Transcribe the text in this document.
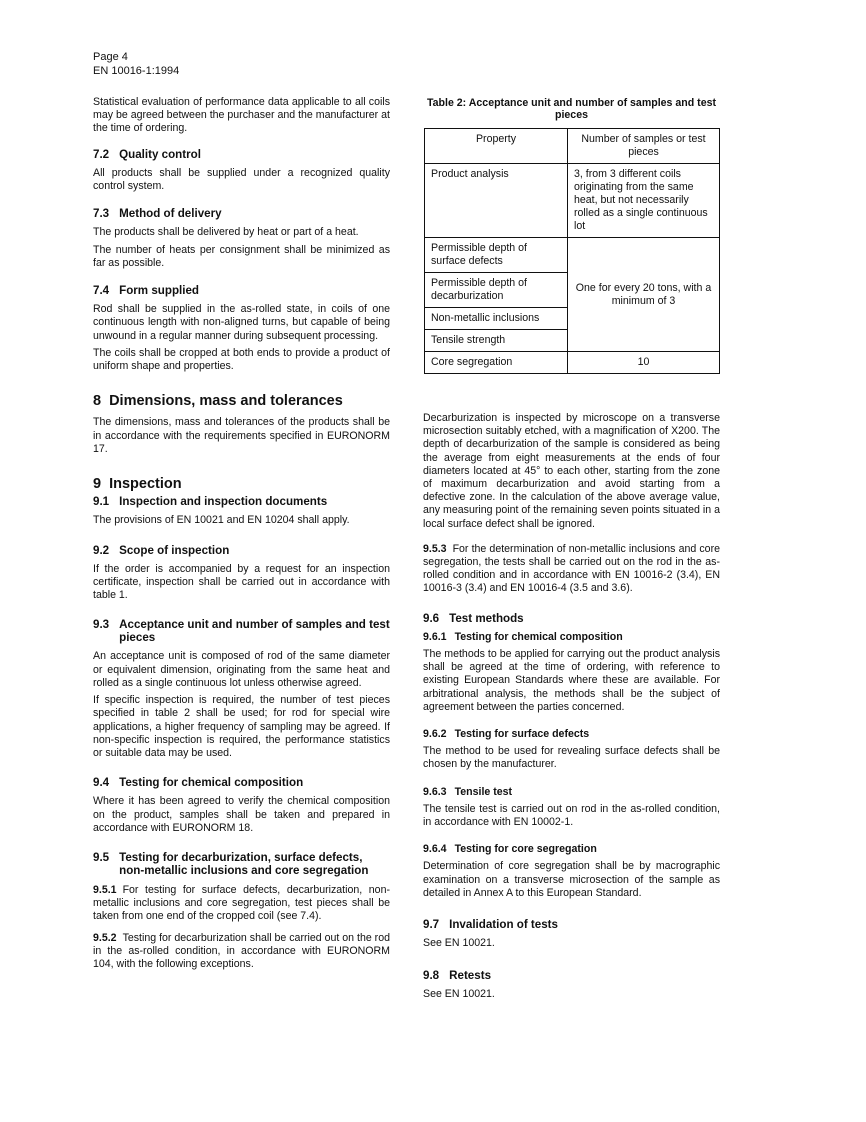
Page 4
EN 10016-1:1994

Statistical evaluation of performance data applicable to all coils may be agreed between the purchaser and the manufacturer at the time of ordering.

7.2 Quality control

All products shall be supplied under a recognized quality control system.

7.3 Method of delivery

The products shall be delivered by heat or part of a heat.

The number of heats per consignment shall be minimized as far as possible.

7.4 Form supplied

Rod shall be supplied in the as-rolled state, in coils of one continuous length with non-aligned turns, but capable of being unwound in a regular manner during subsequent processing.

The coils shall be cropped at both ends to provide a product of uniform shape and properties.

8 Dimensions, mass and tolerances

The dimensions, mass and tolerances of the products shall be in accordance with the requirements specified in EURONORM 17.

9 Inspection
9.1 Inspection and inspection documents

The provisions of EN 10021 and EN 10204 shall apply.

9.2 Scope of inspection

If the order is accompanied by a request for an inspection certificate, inspection shall be carried out in accordance with table 1.

9.3 Acceptance unit and number of samples and test pieces

An acceptance unit is composed of rod of the same diameter or equivalent dimension, originating from the same heat and rolled as a single continuous lot unless otherwise agreed.

If specific inspection is required, the number of test pieces specified in table 2 shall be used; for rod for special wire applications, a higher frequency of sampling may be agreed. If non-specific inspection is required, the performance statistics or suitable data may be used.

9.4 Testing for chemical composition

Where it has been agreed to verify the chemical composition on the product, samples shall be taken and prepared in accordance with EURONORM 18.

9.5 Testing for decarburization, surface defects, non-metallic inclusions and core segregation

9.5.1 For testing for surface defects, decarburization, non-metallic inclusions and core segregation, test pieces shall be taken from one end of the cropped coil (see 7.4).

9.5.2 Testing for decarburization shall be carried out on the rod in the as-rolled condition, in accordance with EURONORM 104, with the following exceptions.

Table 2: Acceptance unit and number of samples and test pieces
Property	Number of samples or test pieces
Product analysis	3, from 3 different coils originating from the same heat, but not necessarily rolled as a single continuous lot
Permissible depth of surface defects	One for every 20 tons, with a minimum of 3
Permissible depth of decarburization	
Non-metallic inclusions	
Tensile strength	
Core segregation	10

Decarburization is inspected by microscope on a transverse microsection suitably etched, with a magnification of X200. The depth of decarburization of the sample is considered as being the average from eight measurements at the ends of four diameters located at 45° to each other, starting from the zone of maximum decarburization and avoid starting from a defective zone. In the calculation of the above average value, any measuring point of the remaining seven points situated in a local surface defect shall be ignored.

9.5.3 For the determination of non-metallic inclusions and core segregation, the tests shall be carried out on the rod in the as-rolled condition and in accordance with EN 10016-2 (3.4), EN 10016-3 (3.4) and EN 10016-4 (3.5 and 3.6).

9.6 Test methods
9.6.1 Testing for chemical composition

The methods to be applied for carrying out the product analysis shall be agreed at the time of ordering, with reference to existing European Standards where these are available. For arbitrational analysis, the methods shall be the subject of agreement between the parties concerned.

9.6.2 Testing for surface defects

The method to be used for revealing surface defects shall be chosen by the manufacturer.

9.6.3 Tensile test

The tensile test is carried out on rod in the as-rolled condition, in accordance with EN 10002-1.

9.6.4 Testing for core segregation

Determination of core segregation shall be by macrographic examination on a transverse microsection of the sample as detailed in Annex A to this European Standard.

9.7 Invalidation of tests

See EN 10021.

9.8 Retests

See EN 10021.
